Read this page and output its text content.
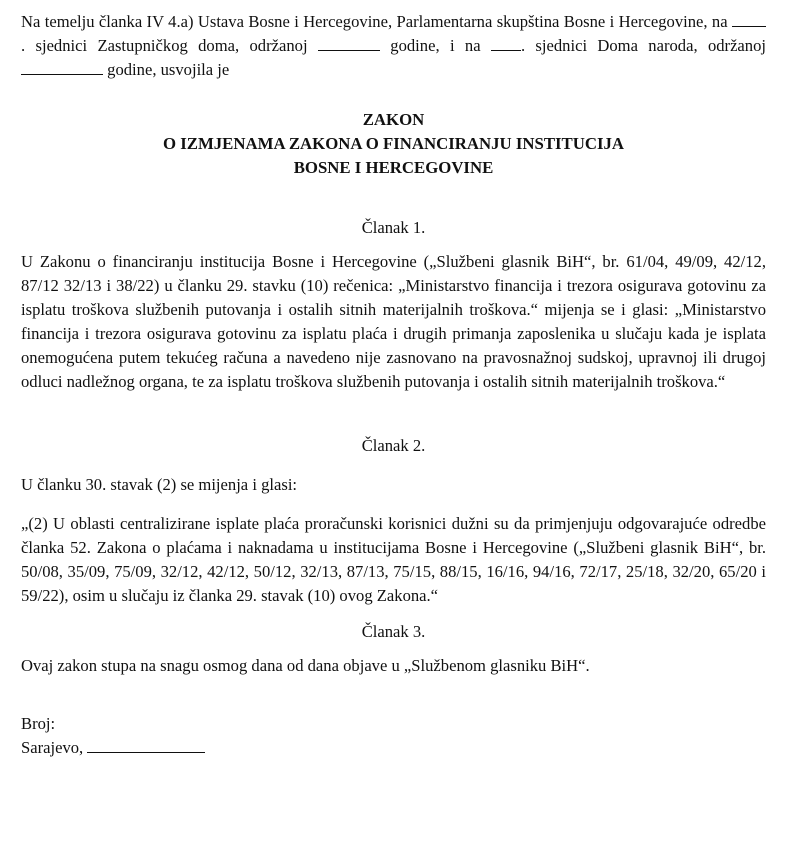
Na temelju članka IV 4.a) Ustava Bosne i Hercegovine, Parlamentarna skupština Bosne i Hercegovine, na . sjednici Zastupničkog doma, održanoj	godine, i na . sjednici Doma naroda, održanoj  godine, usvojila je

ZAKON
O IZMJENAMA ZAKONA O FINANCIRANJU INSTITUCIJA
BOSNE I HERCEGOVINE
Članak 1.

U Zakonu o financiranju institucija Bosne i Hercegovine („Službeni glasnik BiH“, br. 61/04, 49/09, 42/12, 87/12 32/13 i 38/22) u članku 29. stavku (10) rečenica: „Ministarstvo financija i trezora osigurava gotovinu za isplatu troškova službenih putovanja i ostalih sitnih materijalnih troškova.“ mijenja se i glasi: „Ministarstvo financija i trezora osigurava gotovinu za isplatu plaća i drugih primanja zaposlenika u slučaju kada je isplata onemogućena putem tekućeg računa a navedeno nije zasnovano na pravosnažnoj sudskoj, upravnoj ili drugoj odluci nadležnog organa, te za isplatu troškova službenih putovanja i ostalih sitnih materijalnih troškova.“

Članak 2.

U članku 30. stavak (2) se mijenja i glasi:

„(2) U oblasti centralizirane isplate plaća proračunski korisnici dužni su da primjenjuju odgovarajuće odredbe članka 52. Zakona o plaćama i naknadama u institucijama Bosne i Hercegovine („Službeni glasnik BiH“, br. 50/08, 35/09, 75/09, 32/12, 42/12, 50/12, 32/13, 87/13, 75/15, 88/15, 16/16, 94/16, 72/17, 25/18, 32/20, 65/20 i 59/22), osim u slučaju iz članka 29. stavak (10) ovog Zakona.“

Članak 3.

Ovaj zakon stupa na snagu osmog dana od dana objave u „Službenom glasniku BiH“.

Broj:
Sarajevo,
